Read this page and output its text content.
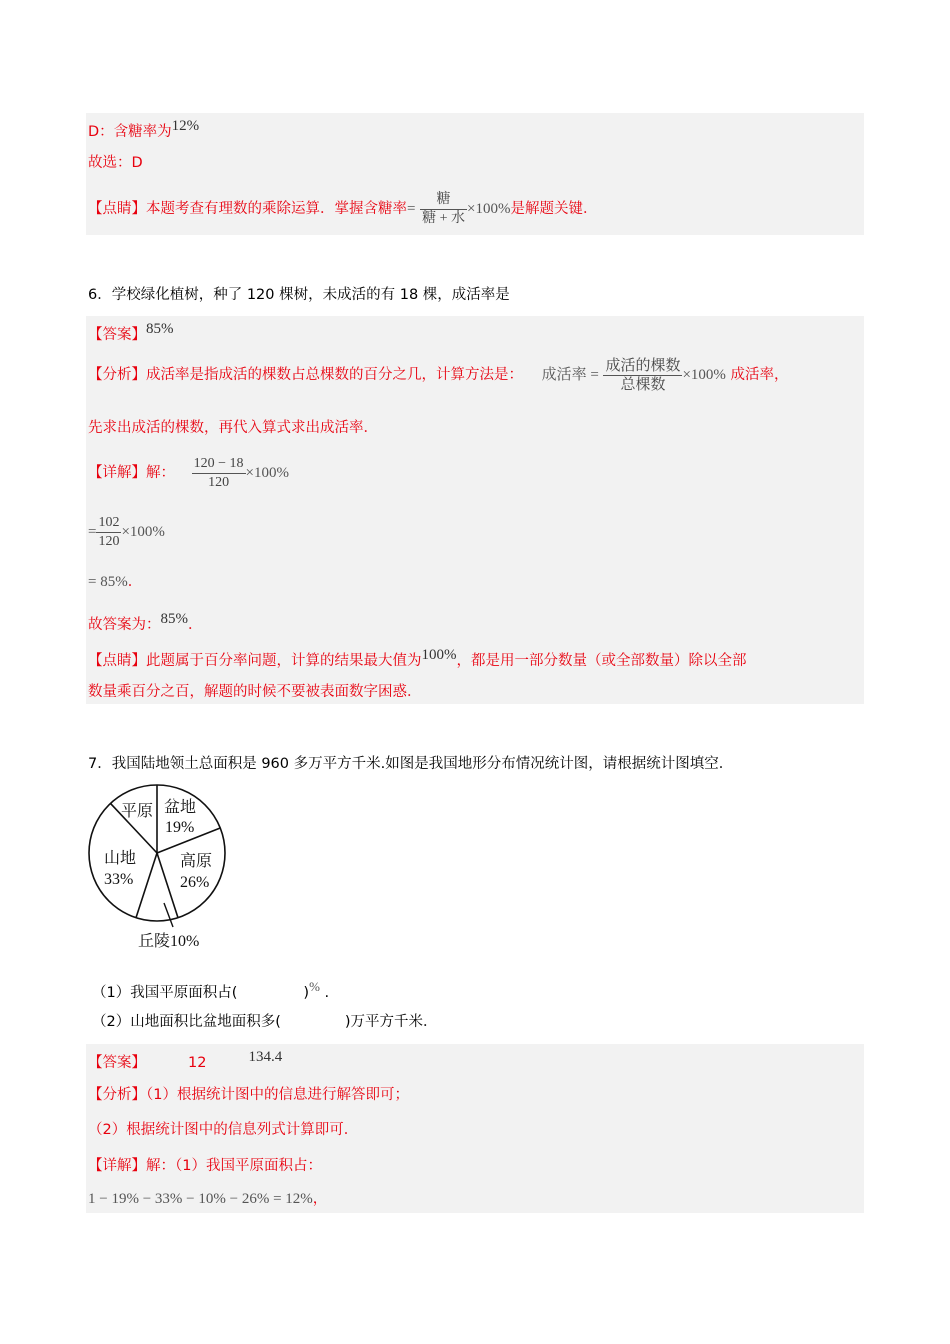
D：含糖率为12%
故选：D
【点睛】本题考查有理数的乘除运算．掌握含糖率= $\frac{\text{糖}}{\text{糖 + 水}} \times 100\%$是解题关键．
6．学校绿化植树，种了 120 棵树，未成活的有 18 棵，成活率是
【答案】85%
【分析】成活率是指成活的棵数占总棵数的百分之几，计算方法是： 成活率 = $\frac{\text{成活的棵数}}{\text{总棵数}} \times 100\%$ 成活率，
先求出成活的棵数，再代入算式求出成活率．
【详解】解： $\frac{120 - 18}{120} \times 100\%$
= $\frac{102}{120} \times 100\%$
= 85%．
故答案为：85%．
【点睛】此题属于百分率问题，计算的结果最大值为100%，都是用一部分数量（或全部数量）除以全部
数量乘百分之百，解题的时候不要被表面数字困惑．
7．我国陆地领土总面积是 960 多万平方千米.如图是我国地形分布情况统计图，请根据统计图填空．
平原 盆地
19%
高原
26%
山地
33%
丘陵10%
（1）我国平原面积占(	)% .
（2）山地面积比盆地面积多(	)万平方千米．
【答案】	12	134.4
【分析】（1）根据统计图中的信息进行解答即可；
（2）根据统计图中的信息列式计算即可．
【详解】解：（1）我国平原面积占：
1 − 19% − 33% − 10% − 26% = 12%，
